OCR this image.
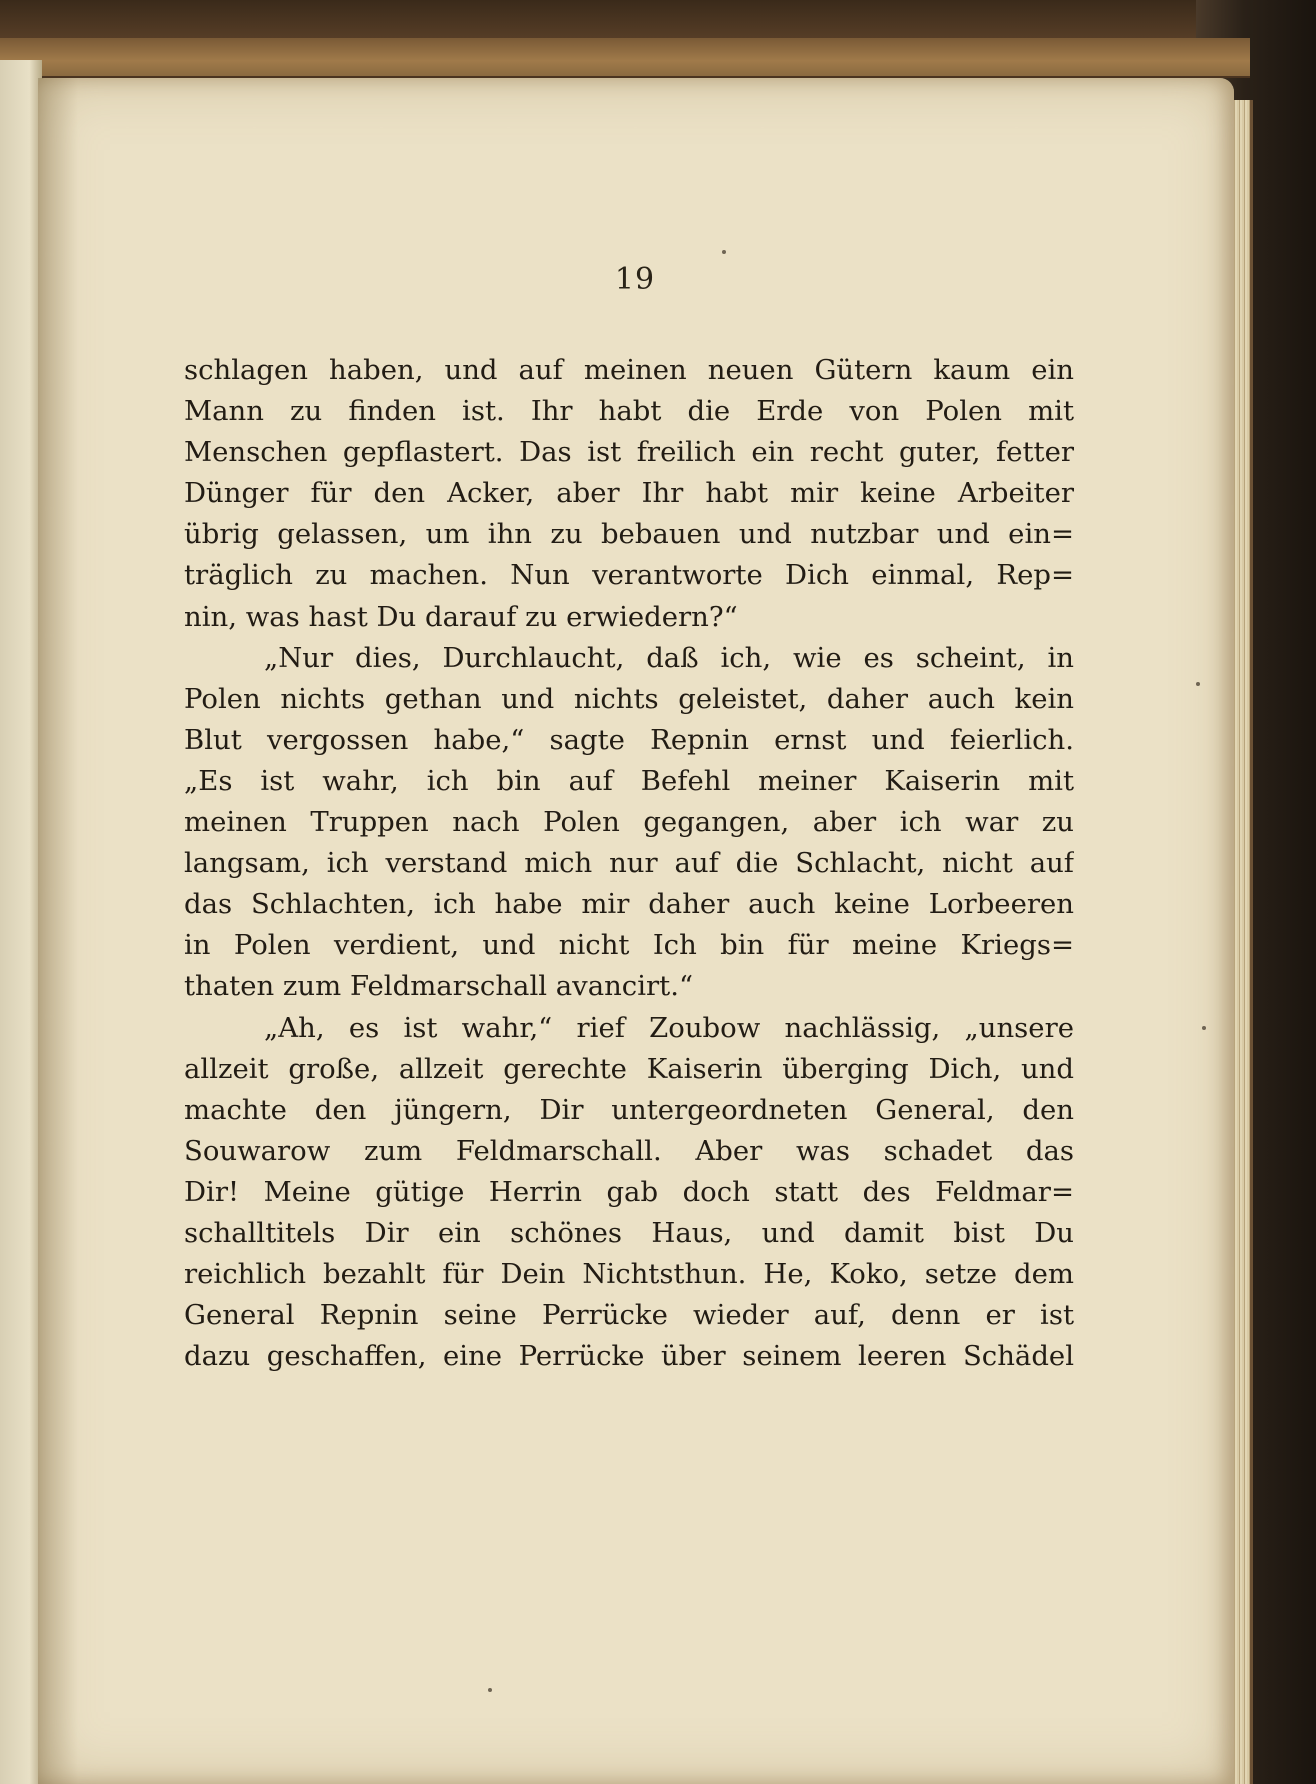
19
schlagen haben, und auf meinen neuen Gütern kaum ein
Mann zu finden ist. Ihr habt die Erde von Polen mit
Menschen gepflastert. Das ist freilich ein recht guter, fetter
Dünger für den Acker, aber Ihr habt mir keine Arbeiter
übrig gelassen, um ihn zu bebauen und nutzbar und ein=
träglich zu machen. Nun verantworte Dich einmal, Rep=
nin, was hast Du darauf zu erwiedern?“
„Nur dies, Durchlaucht, daß ich, wie es scheint, in
Polen nichts gethan und nichts geleistet, daher auch kein
Blut vergossen habe,“ sagte Repnin ernst und feierlich.
„Es ist wahr, ich bin auf Befehl meiner Kaiserin mit
meinen Truppen nach Polen gegangen, aber ich war zu
langsam, ich verstand mich nur auf die Schlacht, nicht auf
das Schlachten, ich habe mir daher auch keine Lorbeeren
in Polen verdient, und nicht Ich bin für meine Kriegs=
thaten zum Feldmarschall avancirt.“
„Ah, es ist wahr,“ rief Zoubow nachlässig, „unsere
allzeit große, allzeit gerechte Kaiserin überging Dich, und
machte den jüngern, Dir untergeordneten General, den
Souwarow zum Feldmarschall. Aber was schadet das
Dir! Meine gütige Herrin gab doch statt des Feldmar=
schalltitels Dir ein schönes Haus, und damit bist Du
reichlich bezahlt für Dein Nichtsthun. He, Koko, setze dem
General Repnin seine Perrücke wieder auf, denn er ist
dazu geschaffen, eine Perrücke über seinem leeren Schädel
